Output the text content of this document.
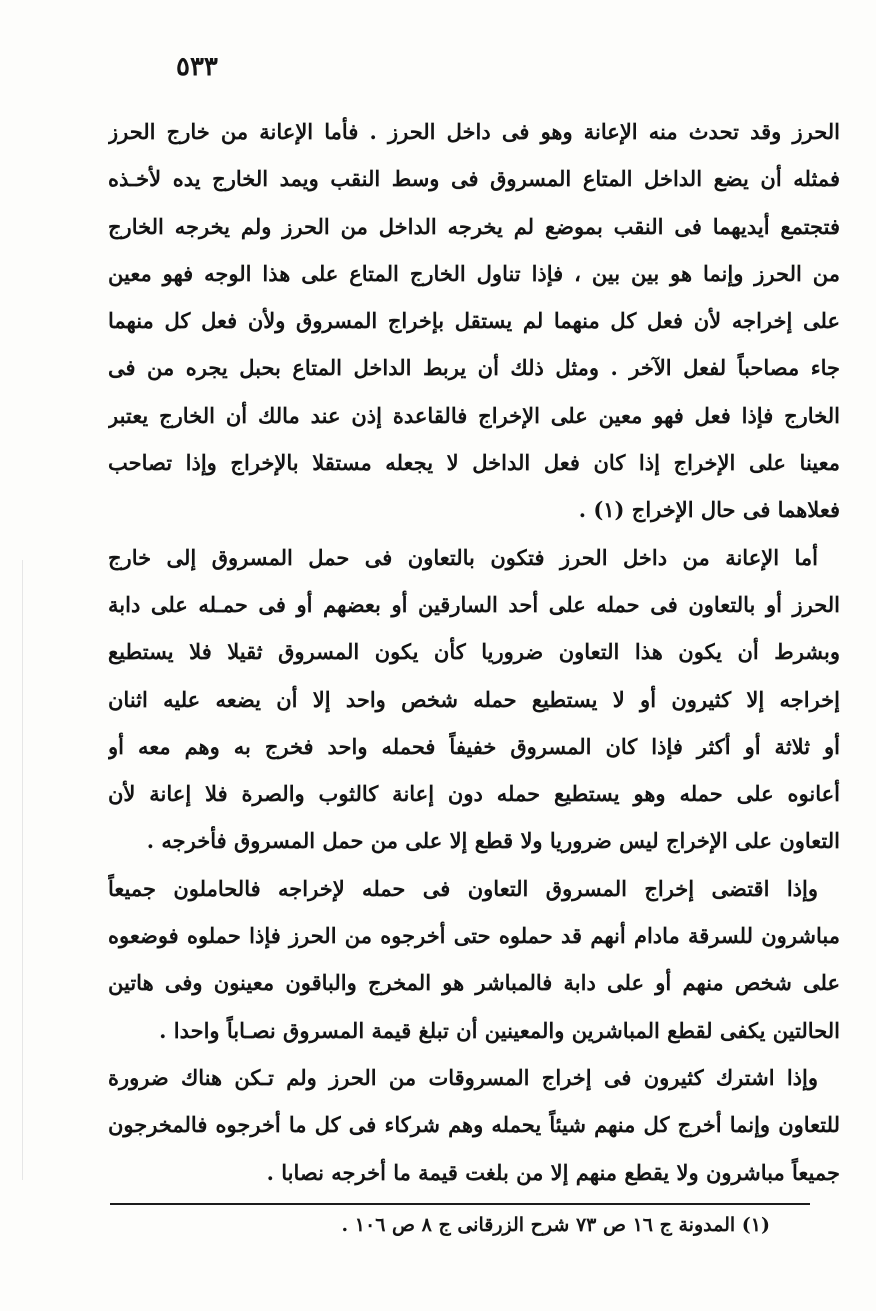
٥٣٣
الحرز وقد تحدث منه الإعانة وهو فى داخل الحرز . فأما الإعانة من خارج الحرز
فمثله أن يضع الداخل المتاع المسروق فى وسط النقب ويمد الخارج يده لأخـذه
فتجتمع أيديهما فى النقب بموضع لم يخرجه الداخل من الحرز ولم يخرجه الخارج
من الحرز وإنما هو بين بين ، فإذا تناول الخارج المتاع على هذا الوجه فهو معين
على إخراجه لأن فعل كل منهما لم يستقل بإخراج المسروق ولأن فعل كل منهما
جاء مصاحباً لفعل الآخر . ومثل ذلك أن يربط الداخل المتاع بحبل يجره من فى
الخارج فإذا فعل فهو معين على الإخراج فالقاعدة إذن عند مالك أن الخارج يعتبر
معينا على الإخراج إذا كان فعل الداخل لا يجعله مستقلا بالإخراج وإذا تصاحب
فعلاهما فى حال الإخراج (١) .
أما الإعانة من داخل الحرز فتكون بالتعاون فى حمل المسروق إلى خارج
الحرز أو بالتعاون فى حمله على أحد السارقين أو بعضهم أو فى حمـله على دابة
وبشرط أن يكون هذا التعاون ضروريا كأن يكون المسروق ثقيلا فلا يستطيع
إخراجه إلا كثيرون أو لا يستطيع حمله شخص واحد إلا أن يضعه عليه اثنان
أو ثلاثة أو أكثر فإذا كان المسروق خفيفاً فحمله واحد فخرج به وهم معه أو
أعانوه على حمله وهو يستطيع حمله دون إعانة كالثوب والصرة فلا إعانة لأن
التعاون على الإخراج ليس ضروريا ولا قطع إلا على من حمل المسروق فأخرجه .
وإذا اقتضى إخراج المسروق التعاون فى حمله لإخراجه فالحاملون جميعاً
مباشرون للسرقة مادام أنهم قد حملوه حتى أخرجوه من الحرز فإذا حملوه فوضعوه
على شخص منهم أو على دابة فالمباشر هو المخرج والباقون معينون وفى هاتين
الحالتين يكفى لقطع المباشرين والمعينين أن تبلغ قيمة المسروق نصـاباً واحدا .
وإذا اشترك كثيرون فى إخراج المسروقات من الحرز ولم تـكن هناك ضرورة
للتعاون وإنما أخرج كل منهم شيئاً يحمله وهم شركاء فى كل ما أخرجوه فالمخرجون
جميعاً مباشرون ولا يقطع منهم إلا من بلغت قيمة ما أخرجه نصابا .
(١) المدونة ج ١٦ ص ٧٣ شرح الزرقانى ج ٨ ص ١٠٦ .
